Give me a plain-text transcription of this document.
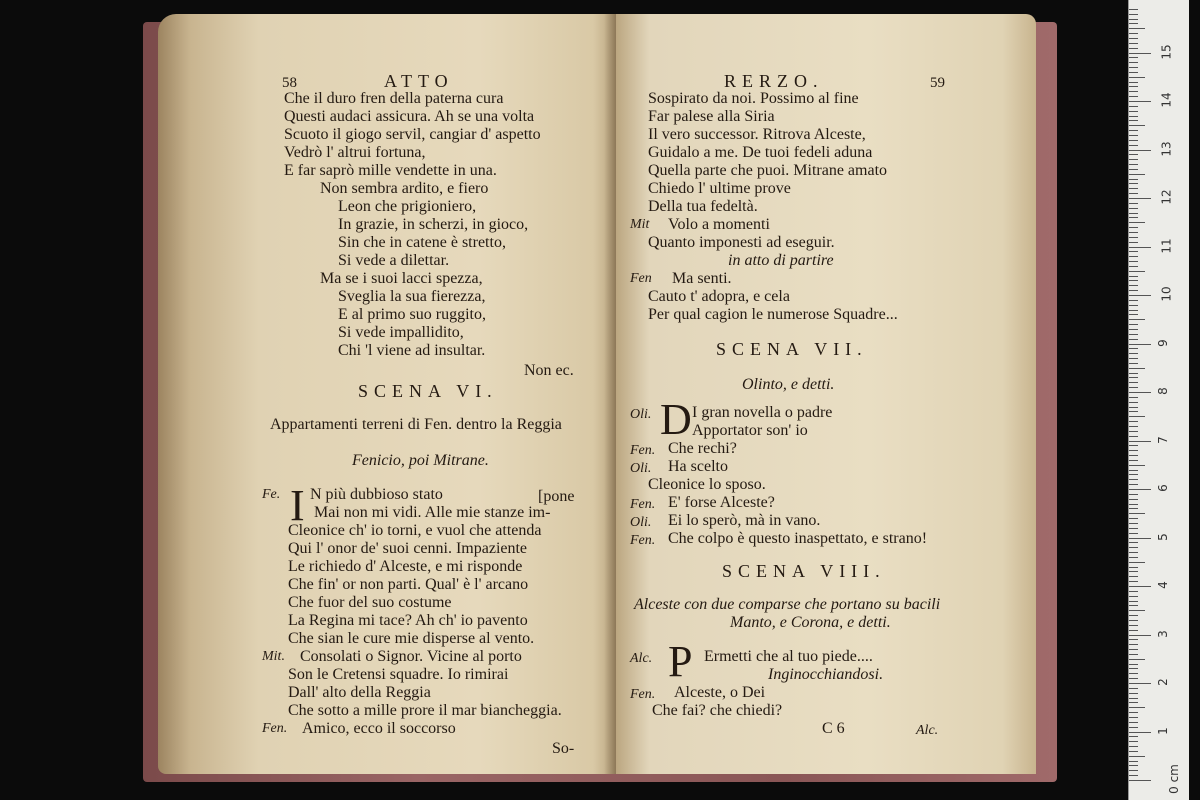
58	ATTO
Che il duro fren della paterna cura
Questi audaci assicura. Ah se una volta
Scuoto il giogo servil, cangiar d' aspetto
Vedrò l' altrui fortuna,
E far saprò mille vendette in una.
Non sembra ardito, e fiero
Leon che prigioniero,
In grazie, in scherzi, in gioco,
Sin che in catene è stretto,
Si vede a dilettar.
Ma se i suoi lacci spezza,
Sveglia la sua fierezza,
E al primo suo ruggito,
Si vede impallidito,
Chi 'l viene ad insultar.
Non ec.
SCENA VI.
Appartamenti terreni di Fen. dentro la Reggia
Fenicio, poi Mitrane.
I
Fe. N più dubbioso stato	[pone
Mai non mi vidi. Alle mie stanze im-
Cleonice ch' io torni, e vuol che attenda
Qui l' onor de' suoi cenni. Impaziente
Le richiedo d' Alceste, e mi risponde
Che fin' or non parti. Qual' è l' arcano
Che fuor del suo costume
La Regina mi tace? Ah ch' io pavento
Che sian le cure mie disperse al vento.
Mit. Consolati o Signor. Vicine al porto
Son le Cretensi squadre. Io rimirai
Dall' alto della Reggia
Che sotto a mille prore il mar biancheggia.
Fen. Amico, ecco il soccorso
So-
RERZO.	59
Sospirato da noi. Possimo al fine
Far palese alla Siria
Il vero successor. Ritrova Alceste,
Guidalo a me. De tuoi fedeli aduna
Quella parte che puoi. Mitrane amato
Chiedo l' ultime prove
Della tua fedeltà.
Mit Volo a momenti
Quanto imponesti ad eseguir.
in atto di partire
Fen Ma senti.
Cauto t' adopra, e cela
Per qual cagion le numerose Squadre...
SCENA VII.
Olinto, e detti.
D
Oli.	I gran novella o padre
Apportator son' io
Fen. Che rechi?
Oli. Ha scelto
Cleonice lo sposo.
Fen. E' forse Alceste?
Oli. Ei lo sperò, mà in vano.
Fen. Che colpo è questo inaspettato, e strano!
SCENA VIII.
Alceste con due comparse che portano su bacili
Manto, e Corona, e detti.
P
Alc.	Ermetti che al tuo piede....
Inginocchiandosi.
Fen. Alceste, o Dei
Che fai? che chiedi?
C 6	Alc.
15
14
13
12
11
10
9
8
7
6
5
4
3
2
1
0 cm
